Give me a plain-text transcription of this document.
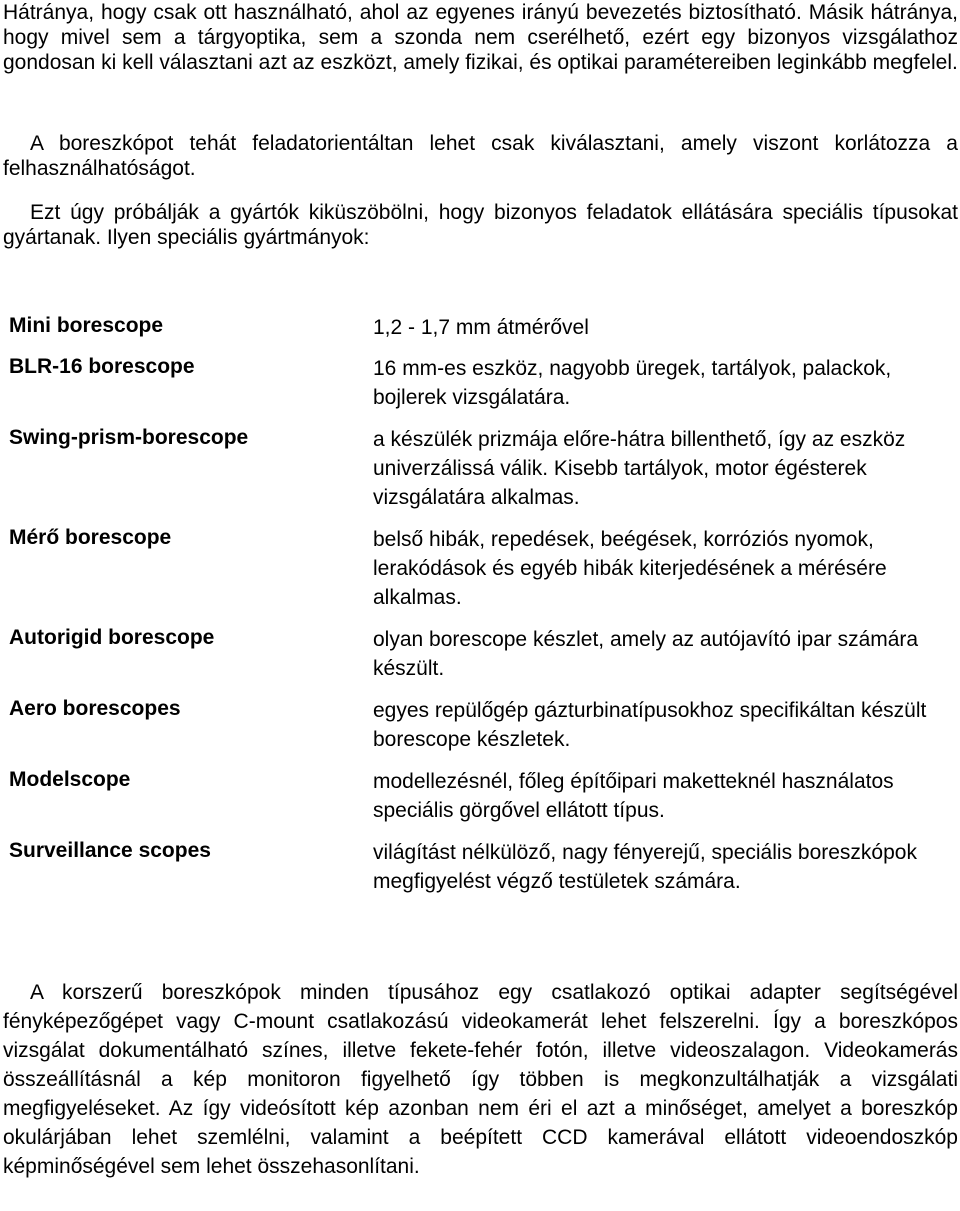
Hátránya, hogy csak ott használható, ahol az egyenes irányú bevezetés biztosítható. Másik hátránya, hogy mivel sem a tárgyoptika, sem a szonda nem cserélhető, ezért egy bizonyos vizsgálathoz gondosan ki kell választani azt az eszközt, amely fizikai, és optikai paramétereiben leginkább megfelel.

A boreszkópot tehát feladatorientáltan lehet csak kiválasztani, amely viszont korlátozza a felhasználhatóságot.

Ezt úgy próbálják a gyártók kiküszöbölni, hogy bizonyos feladatok ellátására speciális típusokat gyártanak. Ilyen speciális gyártmányok:

Mini borescope	1,2 - 1,7 mm átmérővel
BLR-16 borescope	16 mm-es eszköz, nagyobb üregek, tartályok, palackok, bojlerek vizsgálatára.
Swing-prism-borescope	a készülék prizmája előre-hátra billenthető, így az eszköz univerzálissá válik. Kisebb tartályok, motor égésterek vizsgálatára alkalmas.
Mérő borescope	belső hibák, repedések, beégések, korróziós nyomok, lerakódások és egyéb hibák kiterjedésének a mérésére alkalmas.
Autorigid borescope	olyan borescope készlet, amely az autójavító ipar számára készült.
Aero borescopes	egyes repülőgép gázturbinatípusokhoz specifikáltan készült borescope készletek.
Modelscope	modellezésnél, főleg építőipari maketteknél használatos speciális görgővel ellátott típus.
Surveillance scopes	világítást nélkülöző, nagy fényerejű, speciális boreszkópok megfigyelést végző testületek számára.

A korszerű boreszkópok minden típusához egy csatlakozó optikai adapter segítségével fényképezőgépet vagy C-mount csatlakozású videokamerát lehet felszerelni. Így a boreszkópos vizsgálat dokumentálható színes, illetve fekete-fehér fotón, illetve videoszalagon. Videokamerás összeállításnál a kép monitoron figyelhető így többen is megkonzultálhatják a vizsgálati megfigyeléseket. Az így videósított kép azonban nem éri el azt a minőséget, amelyet a boreszkóp okulárjában lehet szemlélni, valamint a beépített CCD kamerával ellátott videoendoszkóp képminőségével sem lehet összehasonlítani.
